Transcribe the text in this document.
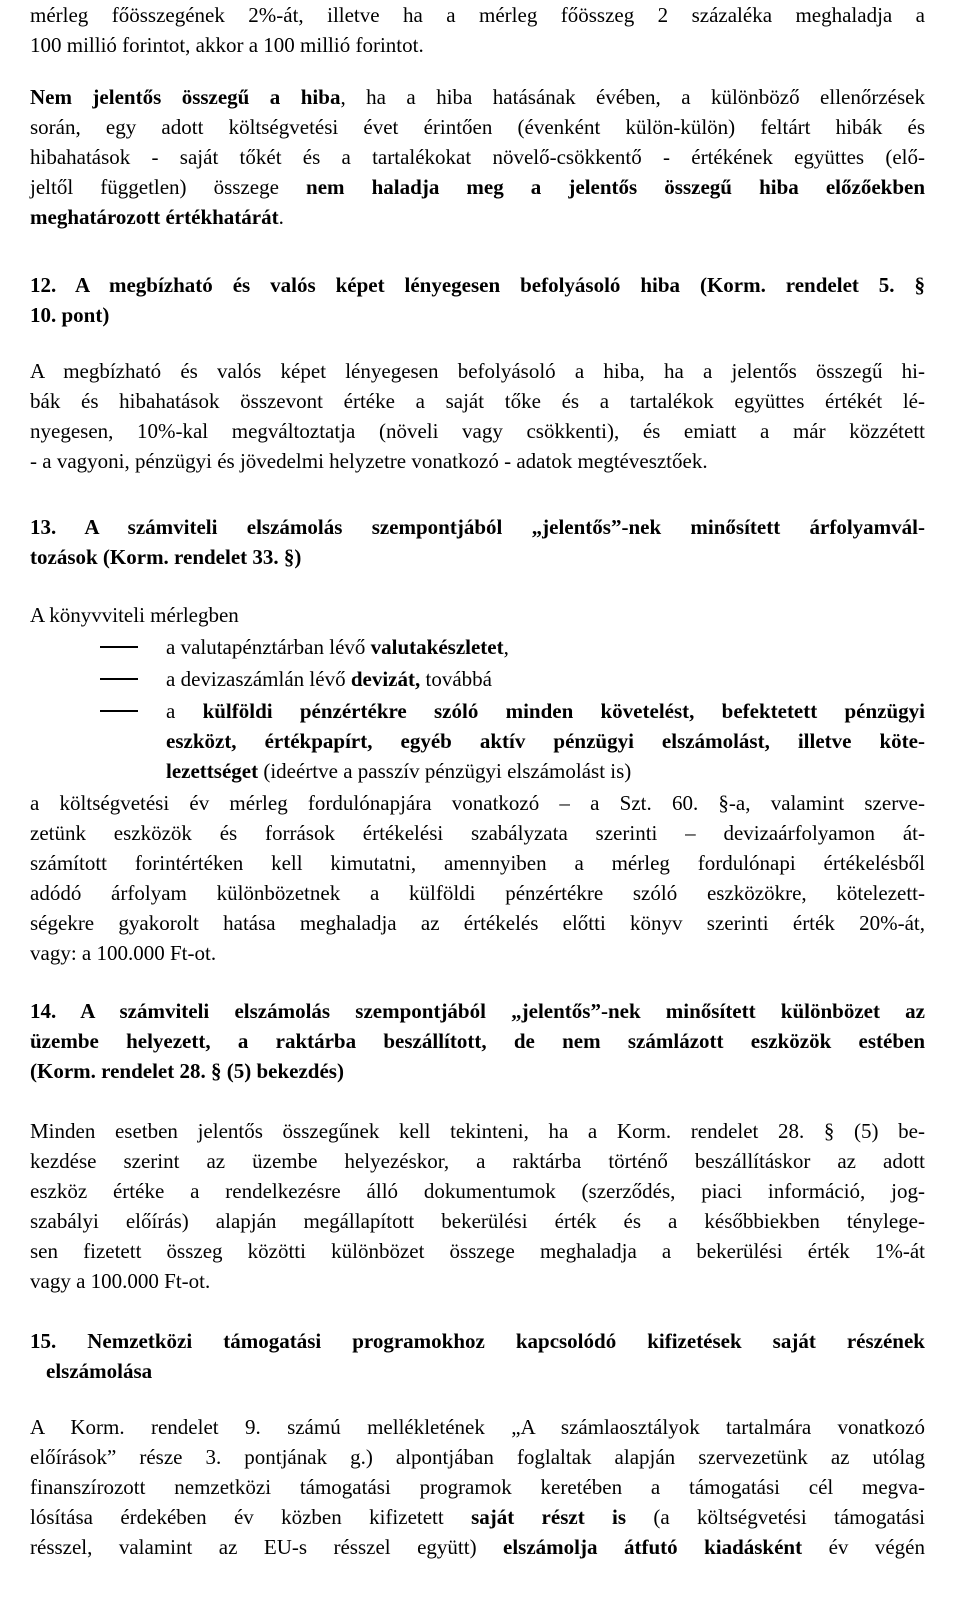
mérleg főösszegének 2%-át, illetve ha a mérleg főösszeg 2 százaléka meghaladja a
100 millió forintot, akkor a 100 millió forintot.
Nem jelentős összegű a hiba, ha a hiba hatásának évében, a különböző ellenőrzések
során, egy adott költségvetési évet érintően (évenként külön-külön) feltárt hibák és
hibahatások - saját tőkét és a tartalékokat növelő-csökkentő - értékének együttes (elő-
jeltől független) összege nem haladja meg a jelentős összegű hiba előzőekben
meghatározott értékhatárát.
12. A megbízható és valós képet lényegesen befolyásoló hiba (Korm. rendelet 5. §
10. pont)
A megbízható és valós képet lényegesen befolyásoló a hiba, ha a jelentős összegű hi-
bák és hibahatások összevont értéke a saját tőke és a tartalékok együttes értékét lé-
nyegesen, 10%-kal megváltoztatja (növeli vagy csökkenti), és emiatt a már közzétett
- a vagyoni, pénzügyi és jövedelmi helyzetre vonatkozó - adatok megtévesztőek.
13. A számviteli elszámolás szempontjából „jelentős”-nek minősített árfolyamvál-
tozások (Korm. rendelet 33. §)
A könyvviteli mérlegben
a valutapénztárban lévő valutakészletet,
a devizaszámlán lévő devizát, továbbá
a külföldi pénzértékre szóló minden követelést, befektetett pénzügyi
eszközt, értékpapírt, egyéb aktív pénzügyi elszámolást, illetve köte-
lezettséget (ideértve a passzív pénzügyi elszámolást is)
a költségvetési év mérleg fordulónapjára vonatkozó – a Szt. 60. §-a, valamint szerve-
zetünk eszközök és források értékelési szabályzata szerinti – devizaárfolyamon át-
számított forintértéken kell kimutatni, amennyiben a mérleg fordulónapi értékelésből
adódó árfolyam különbözetnek a külföldi pénzértékre szóló eszközökre, kötelezett-
ségekre gyakorolt hatása meghaladja az értékelés előtti könyv szerinti érték 20%-át,
vagy: a 100.000 Ft-ot.
14. A számviteli elszámolás szempontjából „jelentős”-nek minősített különbözet az
üzembe helyezett, a raktárba beszállított, de nem számlázott eszközök estében
(Korm. rendelet 28. § (5) bekezdés)
Minden esetben jelentős összegűnek kell tekinteni, ha a Korm. rendelet 28. § (5) be-
kezdése szerint az üzembe helyezéskor, a raktárba történő beszállításkor az adott
eszköz értéke a rendelkezésre álló dokumentumok (szerződés, piaci információ, jog-
szabályi előírás) alapján megállapított bekerülési érték és a későbbiekben ténylege-
sen fizetett összeg közötti különbözet összege meghaladja a bekerülési érték 1%-át
vagy a 100.000 Ft-ot.
15. Nemzetközi támogatási programokhoz kapcsolódó kifizetések saját részének
elszámolása
A Korm. rendelet 9. számú mellékletének „A számlaosztályok tartalmára vonatkozó
előírások” része 3. pontjának g.) alpontjában foglaltak alapján szervezetünk az utólag
finanszírozott nemzetközi támogatási programok keretében a támogatási cél megva-
lósítása érdekében év közben kifizetett saját részt is (a költségvetési támogatási
résszel, valamint az EU-s résszel együtt) elszámolja átfutó kiadásként év végén
